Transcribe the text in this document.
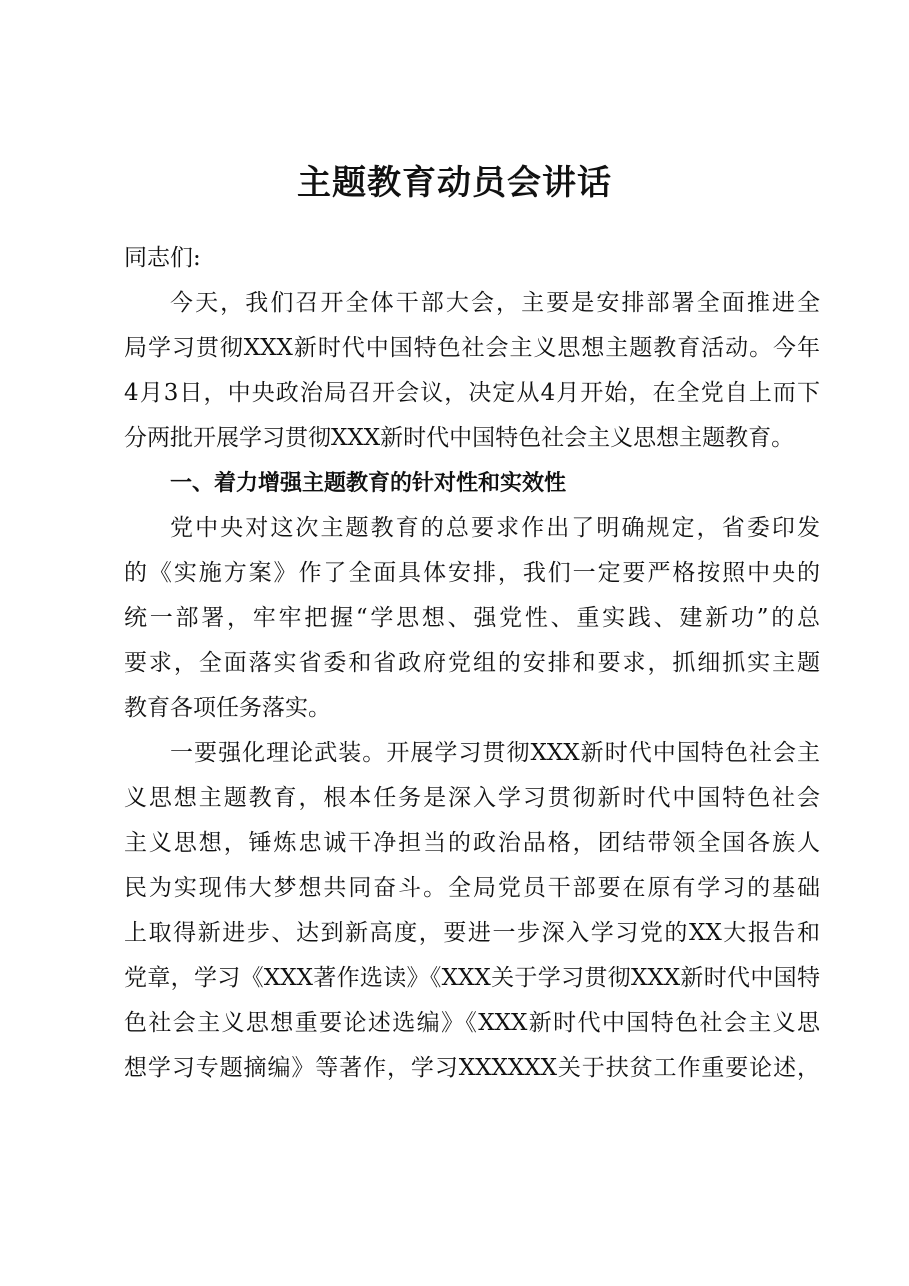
主题教育动员会讲话
同志们:
今天，我们召开全体干部大会，主要是安排部署全面推进全
局学习贯彻XXX新时代中国特色社会主义思想主题教育活动。今年
4月3日，中央政治局召开会议，决定从4月开始，在全党自上而下
分两批开展学习贯彻XXX新时代中国特色社会主义思想主题教育。
一、着力增强主题教育的针对性和实效性
党中央对这次主题教育的总要求作出了明确规定，省委印发
的《实施方案》作了全面具体安排，我们一定要严格按照中央的
统一部署，牢牢把握“学思想、强党性、重实践、建新功”的总
要求，全面落实省委和省政府党组的安排和要求，抓细抓实主题
教育各项任务落实。
一要强化理论武装。开展学习贯彻XXX新时代中国特色社会主
义思想主题教育，根本任务是深入学习贯彻新时代中国特色社会
主义思想，锤炼忠诚干净担当的政治品格，团结带领全国各族人
民为实现伟大梦想共同奋斗。全局党员干部要在原有学习的基础
上取得新进步、达到新高度，要进一步深入学习党的XX大报告和
党章，学习《XXX著作选读》《XXX关于学习贯彻XXX新时代中国特
色社会主义思想重要论述选编》《XXX新时代中国特色社会主义思
想学习专题摘编》等著作，学习XXXXXX关于扶贫工作重要论述，
